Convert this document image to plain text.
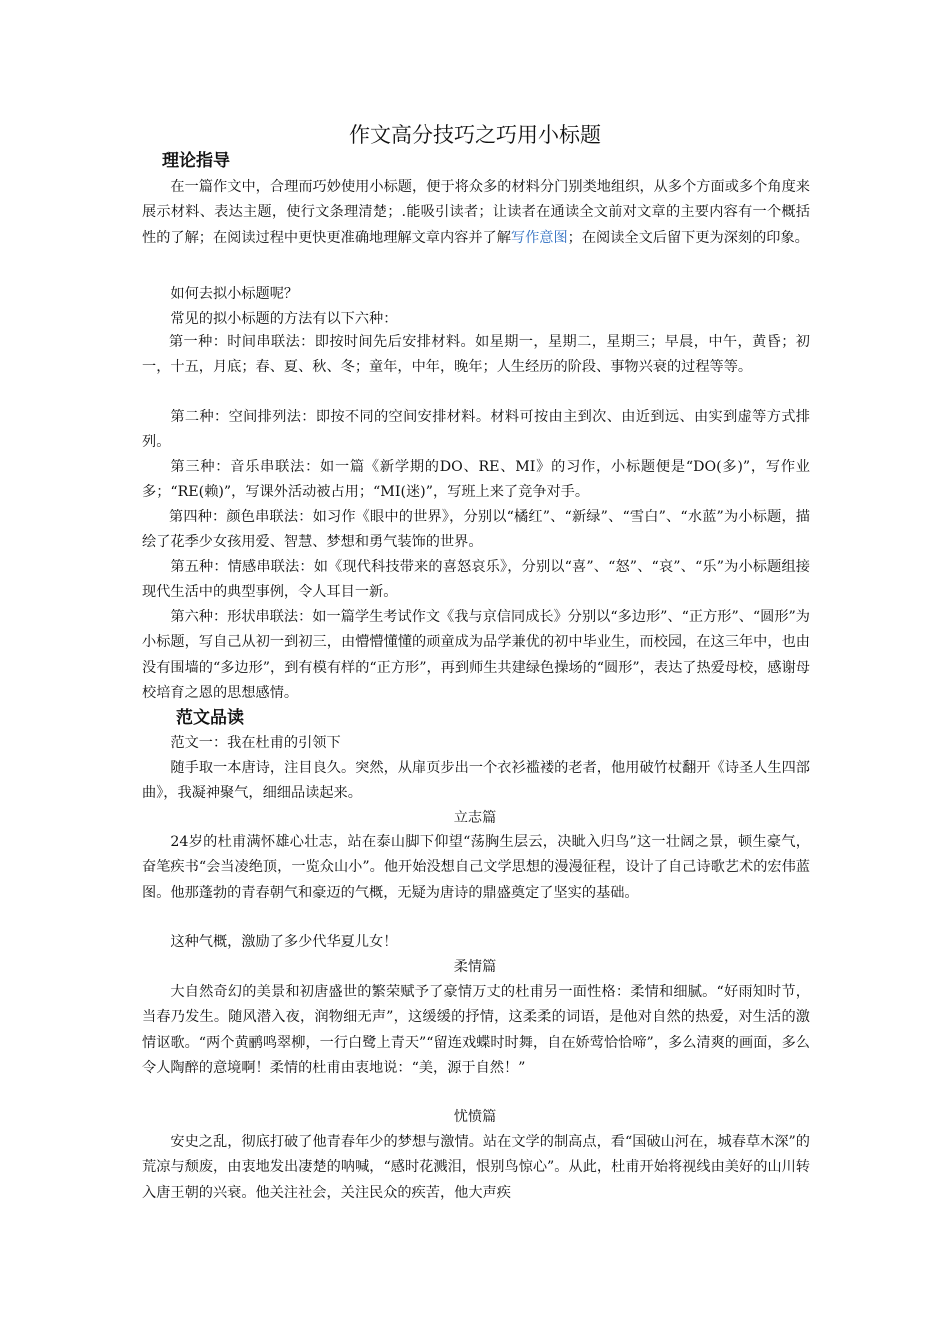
作文高分技巧之巧用小标题
理论指导
在一篇作文中，合理而巧妙使用小标题，便于将众多的材料分门别类地组织，从多个方面或多个角度来展示材料、表达主题，使行文条理清楚；.能吸引读者；让读者在通读全文前对文章的主要内容有一个概括性的了解；在阅读过程中更快更准确地理解文章内容并了解写作意图；在阅读全文后留下更为深刻的印象。
如何去拟小标题呢？
常见的拟小标题的方法有以下六种：
第一种：时间串联法：即按时间先后安排材料。如星期一，星期二，星期三；早晨，中午，黄昏；初一，十五，月底；春、夏、秋、冬；童年，中年，晚年；人生经历的阶段、事物兴衰的过程等等。
第二种：空间排列法：即按不同的空间安排材料。材料可按由主到次、由近到远、由实到虚等方式排列。
第三种：音乐串联法：如一篇《新学期的DO、RE、MI》的习作，小标题便是“DO(多)”，写作业多；“RE(赖)”，写课外活动被占用；“MI(迷)”，写班上来了竞争对手。
第四种：颜色串联法：如习作《眼中的世界》，分别以“橘红”、“新绿”、“雪白”、“水蓝”为小标题，描绘了花季少女孩用爱、智慧、梦想和勇气装饰的世界。
第五种：情感串联法：如《现代科技带来的喜怒哀乐》，分别以“喜”、“怒”、“哀”、“乐”为小标题组接现代生活中的典型事例，令人耳目一新。
第六种：形状串联法：如一篇学生考试作文《我与京信同成长》分别以“多边形”、“正方形”、“圆形”为小标题，写自己从初一到初三，由懵懵懂懂的顽童成为品学兼优的初中毕业生，而校园，在这三年中，也由没有围墙的“多边形”，到有模有样的“正方形”，再到师生共建绿色操场的“圆形”，表达了热爱母校，感谢母校培育之恩的思想感情。
范文品读
范文一：我在杜甫的引领下
随手取一本唐诗，注目良久。突然，从扉页步出一个衣衫褴褛的老者，他用破竹杖翻开《诗圣人生四部曲》，我凝神聚气，细细品读起来。
立志篇
24岁的杜甫满怀雄心壮志，站在泰山脚下仰望“荡胸生层云，决眦入归鸟”这一壮阔之景，顿生豪气，奋笔疾书“会当凌绝顶，一览众山小”。他开始没想自己文学思想的漫漫征程，设计了自己诗歌艺术的宏伟蓝图。他那蓬勃的青春朝气和豪迈的气概，无疑为唐诗的鼎盛奠定了坚实的基础。
这种气概，激励了多少代华夏儿女！
柔情篇
大自然奇幻的美景和初唐盛世的繁荣赋予了豪情万丈的杜甫另一面性格：柔情和细腻。“好雨知时节，当春乃发生。随风潜入夜，润物细无声”，这缓缓的抒情，这柔柔的词语，是他对自然的热爱，对生活的激情讴歌。“两个黄鹂鸣翠柳，一行白鹭上青天”“留连戏蝶时时舞，自在娇莺恰恰啼”，多么清爽的画面，多么令人陶醉的意境啊！柔情的杜甫由衷地说：“美，源于自然！”
忧愤篇
安史之乱，彻底打破了他青春年少的梦想与激情。站在文学的制高点，看“国破山河在，城春草木深”的荒凉与颓废，由衷地发出凄楚的呐喊，“感时花溅泪，恨别鸟惊心”。从此，杜甫开始将视线由美好的山川转入唐王朝的兴衰。他关注社会，关注民众的疾苦，他大声疾
